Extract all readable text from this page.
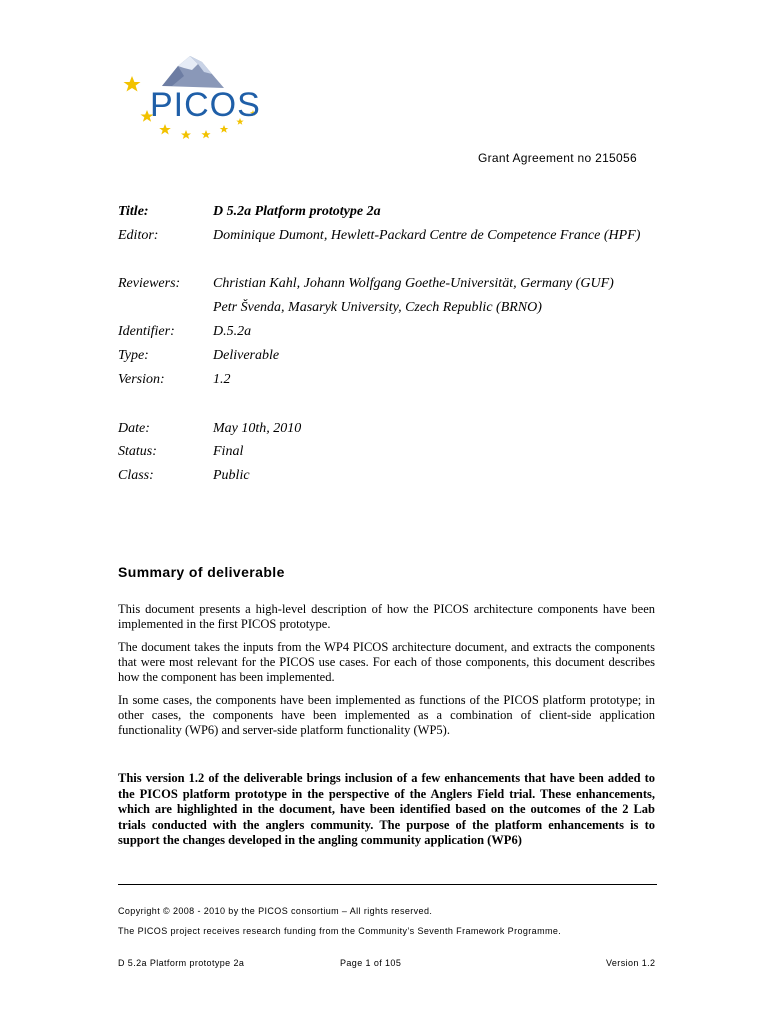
PICOS
Grant Agreement no 215056
Title:	D 5.2a Platform prototype 2a
Editor:	Dominique Dumont, Hewlett-Packard Centre de Competence France (HPF)
Reviewers: Christian Kahl, Johann Wolfgang Goethe-Universität, Germany (GUF)
Petr Švenda, Masaryk University, Czech Republic (BRNO)
Identifier:	D.5.2a
Type:	Deliverable
Version:	1.2
Date:	May 10th, 2010
Status:	Final
Class:	Public
Summary of deliverable
This document presents a high-level description of how the PICOS architecture components have been implemented in the first PICOS prototype.
The document takes the inputs from the WP4 PICOS architecture document, and extracts the components that were most relevant for the PICOS use cases. For each of those components, this document describes how the component has been implemented.
In some cases, the components have been implemented as functions of the PICOS platform prototype; in other cases, the components have been implemented as a combination of client-side application functionality (WP6) and server-side platform functionality (WP5).
This version 1.2 of the deliverable brings inclusion of a few enhancements that have been added to the PICOS platform prototype in the perspective of the Anglers Field trial. These enhancements, which are highlighted in the document, have been identified based on the outcomes of the 2 Lab trials conducted with the anglers community. The purpose of the platform enhancements is to support the changes developed in the angling community application (WP6)
Copyright © 2008 - 2010 by the PICOS consortium – All rights reserved.
The PICOS project receives research funding from the Community’s Seventh Framework Programme.
D 5.2a Platform prototype 2a	Page 1 of 105	Version 1.2
